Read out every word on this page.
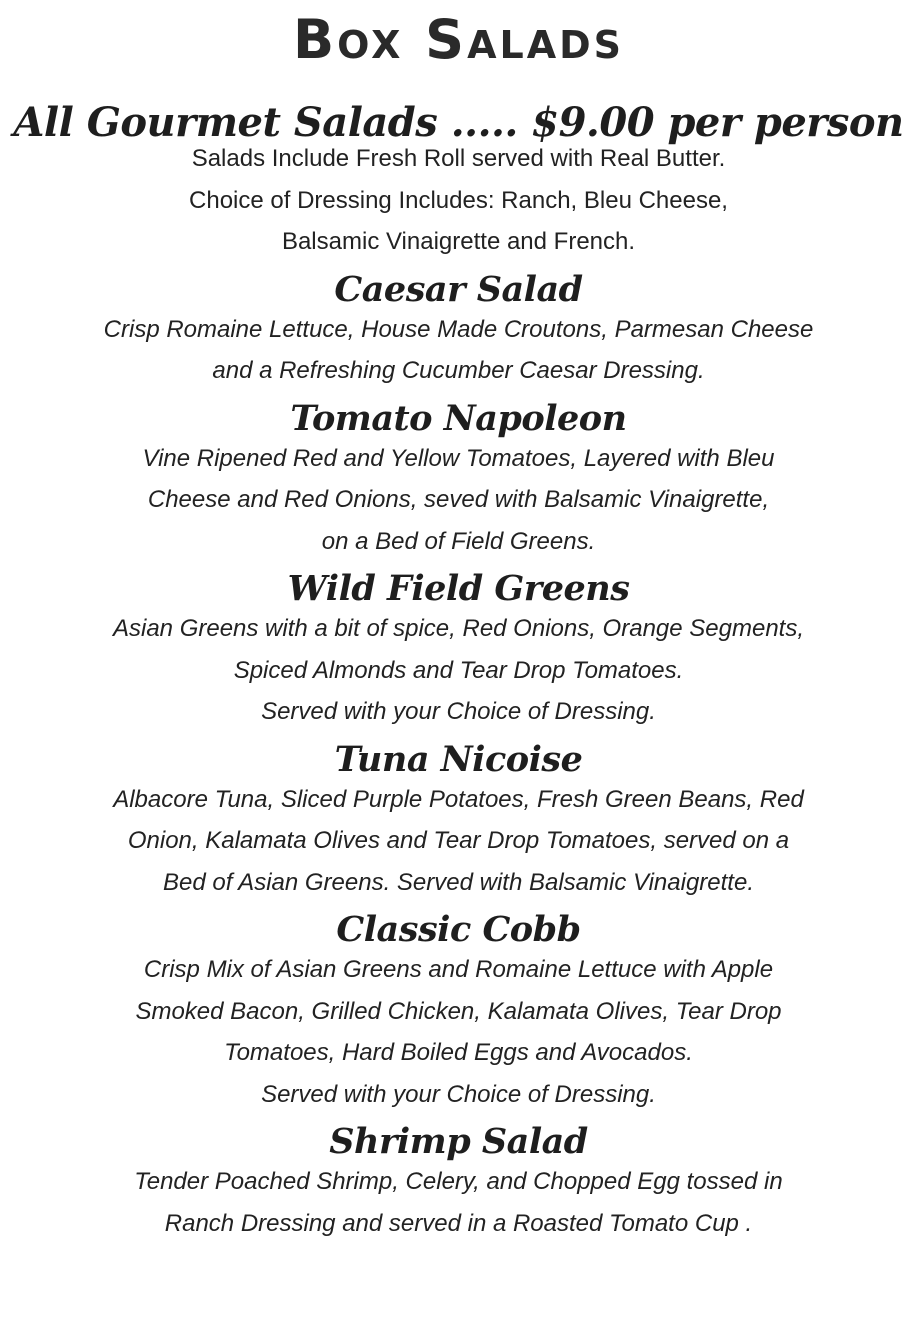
Box Salads
All Gourmet Salads ..... $9.00 per person

Salads Include Fresh Roll served with Real Butter.

Choice of Dressing Includes: Ranch, Bleu Cheese,

Balsamic Vinaigrette and French.

Caesar Salad

Crisp Romaine Lettuce, House Made Croutons, Parmesan Cheese

and a Refreshing Cucumber Caesar Dressing.

Tomato Napoleon

Vine Ripened Red and Yellow Tomatoes, Layered with Bleu

Cheese and Red Onions, seved with Balsamic Vinaigrette,

on a Bed of Field Greens.

Wild Field Greens

Asian Greens with a bit of spice, Red Onions, Orange Segments,

Spiced Almonds and Tear Drop Tomatoes.

Served with your Choice of Dressing.

Tuna Nicoise

Albacore Tuna, Sliced Purple Potatoes, Fresh Green Beans, Red

Onion, Kalamata Olives and Tear Drop Tomatoes, served on a

Bed of Asian Greens. Served with Balsamic Vinaigrette.

Classic Cobb

Crisp Mix of Asian Greens and Romaine Lettuce with Apple

Smoked Bacon, Grilled Chicken, Kalamata Olives, Tear Drop

Tomatoes, Hard Boiled Eggs and Avocados.

Served with your Choice of Dressing.

Shrimp Salad

Tender Poached Shrimp, Celery, and Chopped Egg tossed in

Ranch Dressing and served in a Roasted Tomato Cup .
